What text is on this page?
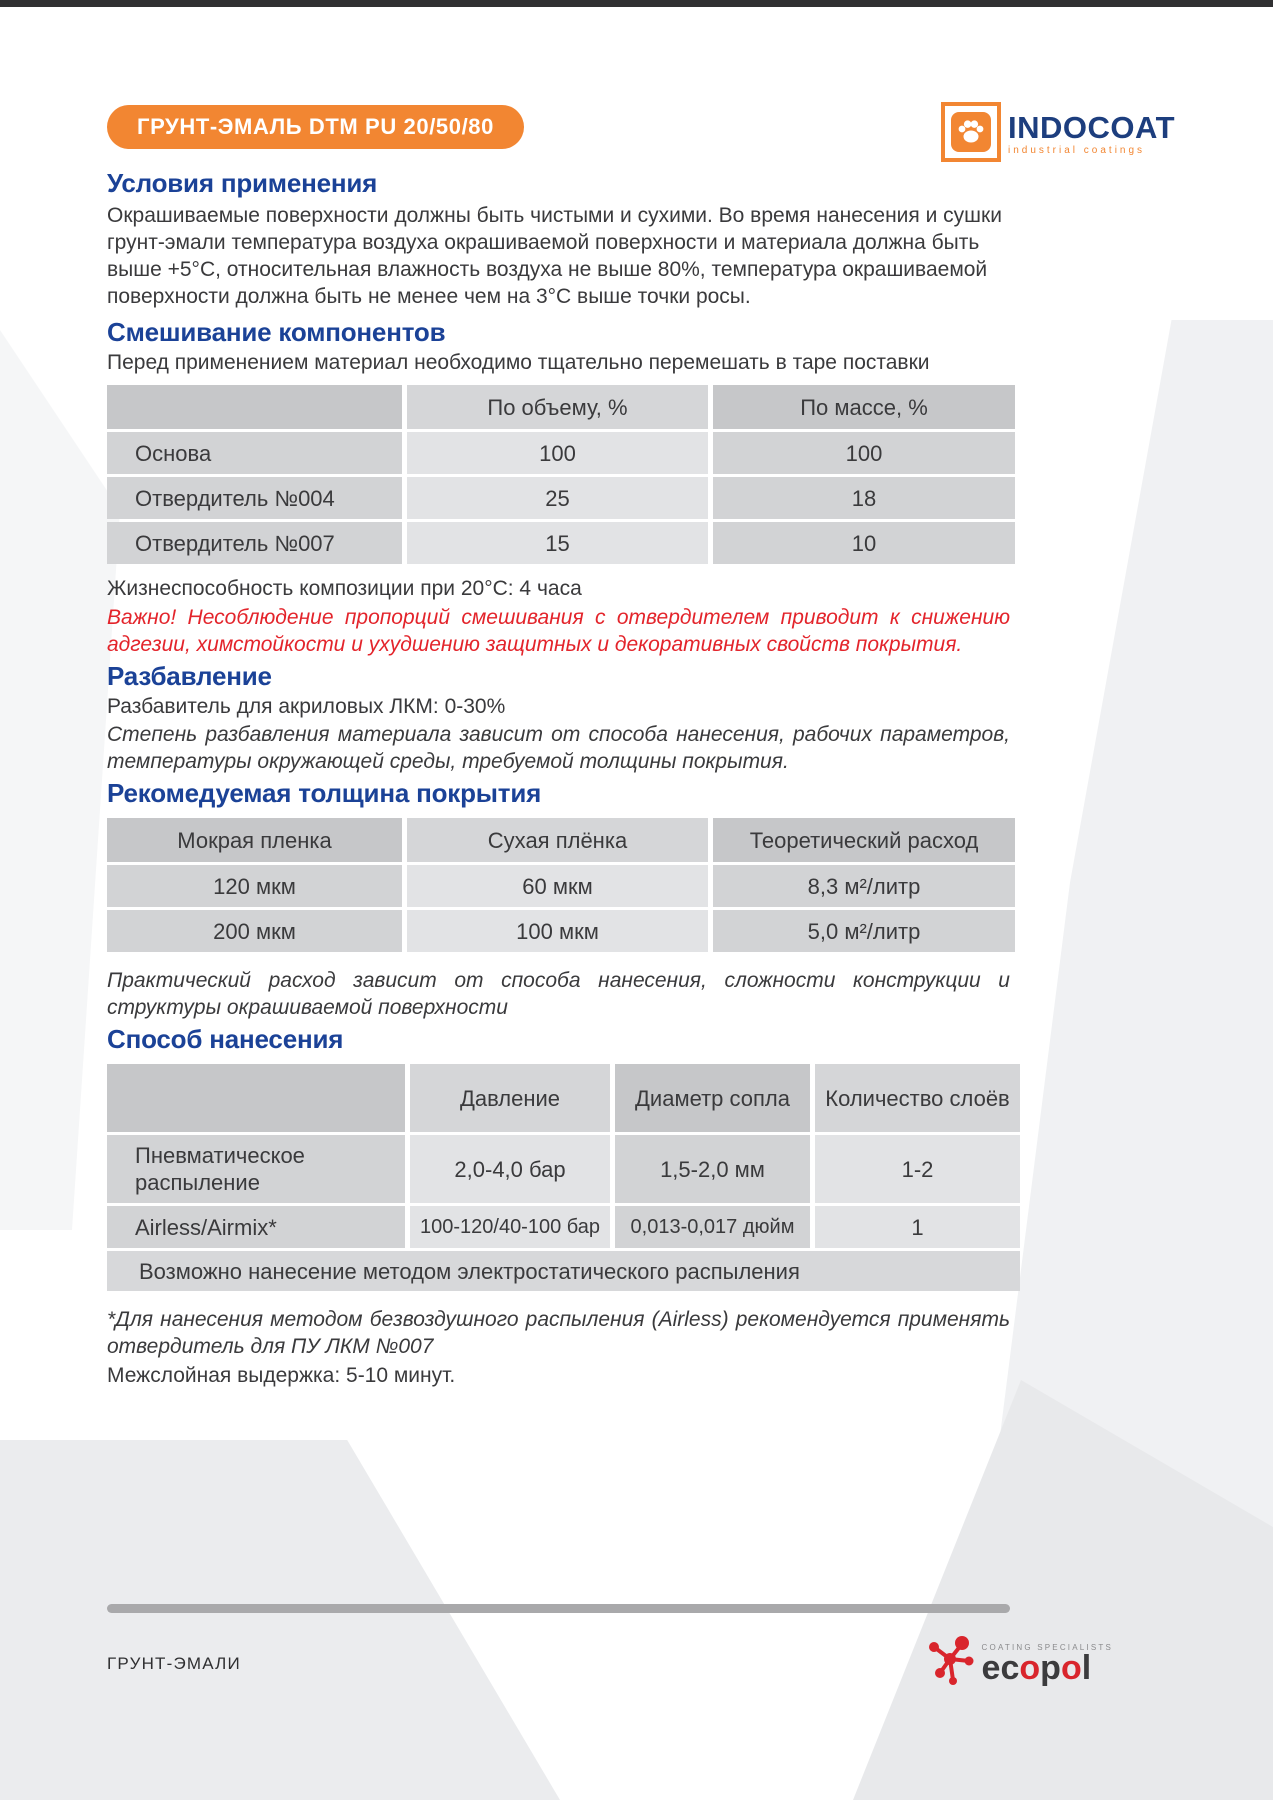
INDOCOAT
industrial coatings
ГРУНТ-ЭМАЛЬ DTM PU 20/50/80
Условия применения

Окрашиваемые поверхности должны быть чистыми и сухими. Во время нанесения и сушки грунт-эмали температура воздуха окрашиваемой поверхности и материала должна быть выше +5°С, относительная влажность воздуха не выше 80%, температура окрашиваемой поверхности должна быть не менее чем на 3°С выше точки росы.

Смешивание компонентов

Перед применением материал необходимо тщательно перемешать в таре поставки

	По объему, %	По массе, %
Основа	100	100
Отвердитель №004	25	18
Отвердитель №007	15	10

Жизнеспособность композиции при 20°С: 4 часа

Важно! Несоблюдение пропорций смешивания с отвердителем приводит к снижению адгезии, химстойкости и ухудшению защитных и декоративных свойств покрытия.

Разбавление

Разбавитель для акриловых ЛКМ: 0-30%

Степень разбавления материала зависит от способа нанесения, рабочих параметров, температуры окружающей среды, требуемой толщины покрытия.

Рекомедуемая толщина покрытия
Мокрая пленка	Сухая плёнка	Теоретический расход
120 мкм	60 мкм	8,3 м²/литр
200 мкм	100 мкм	5,0 м²/литр

Практический расход зависит от способа нанесения, сложности конструкции и структуры окрашиваемой поверхности

Способ нанесения
	Давление	Диаметр сопла	Количество слоёв
Пневматическое распыление	2,0-4,0 бар	1,5-2,0 мм	1-2
Airless/Airmix*	100-120/40-100 бар	0,013-0,017 дюйм	1
Возможно нанесение методом электростатического распыления			

*Для нанесения методом безвоздушного распыления (Airless) рекомендуется применять отвердитель для ПУ ЛКМ №007

Межслойная выдержка: 5-10 минут.

ГРУНТ-ЭМАЛИ
COATING SPECIALISTS
ecopol
